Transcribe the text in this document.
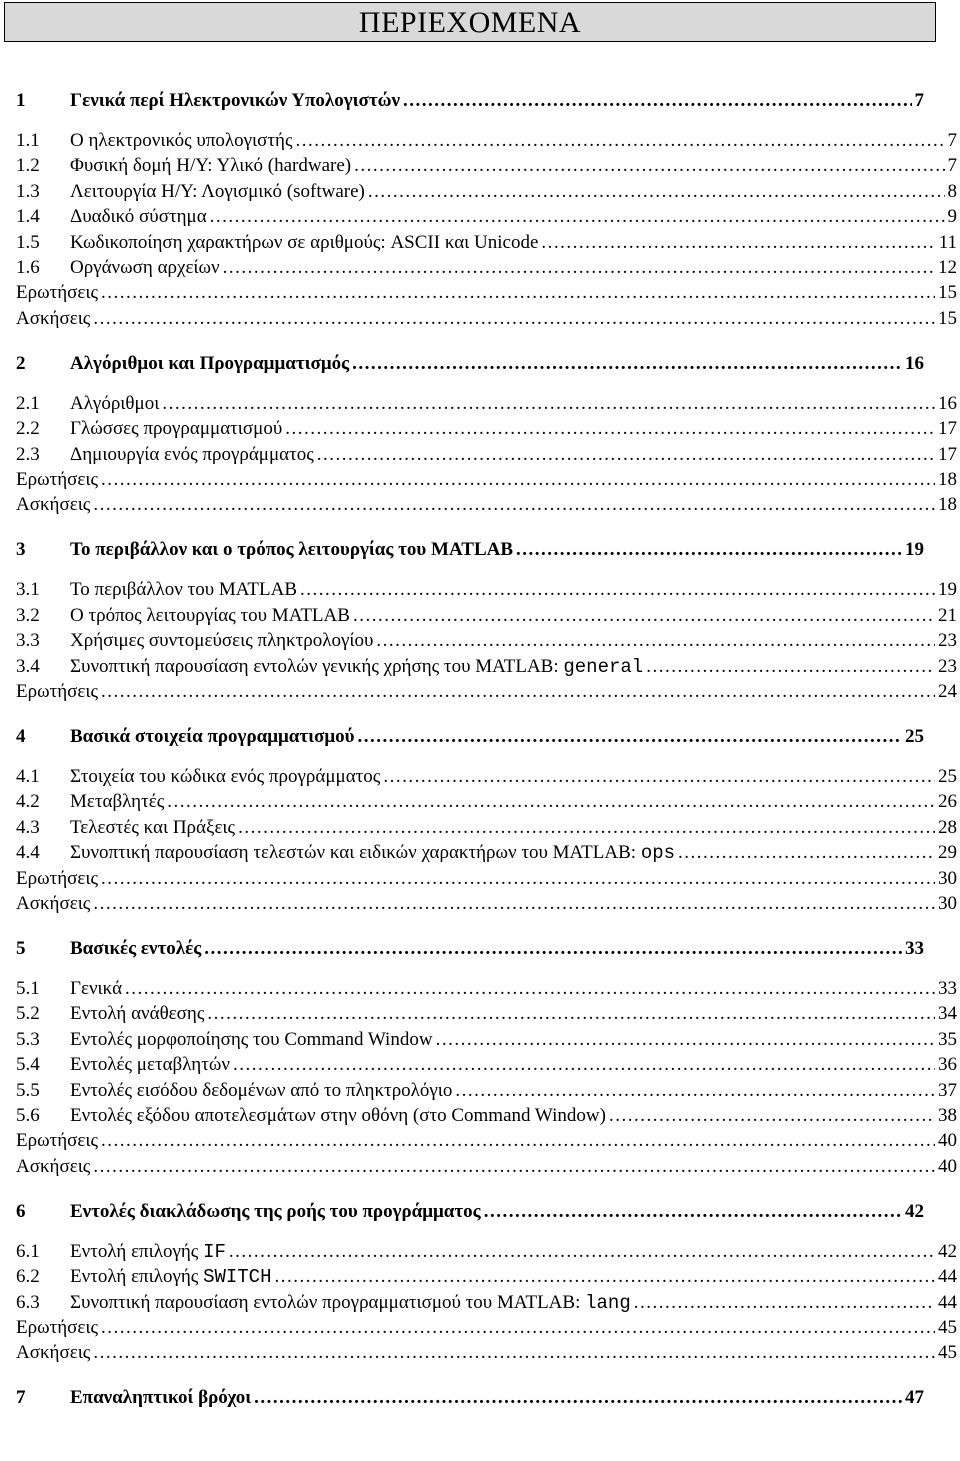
ΠΕΡΙΕΧΟΜΕΝΑ
1	Γενικά περί Ηλεκτρονικών Υπολογιστών .....	7
1.1	Ο ηλεκτρονικός υπολογιστής .....	7
1.2	Φυσική δομή Η/Υ: Υλικό (hardware) .....	7
1.3	Λειτουργία Η/Υ: Λογισμικό (software) .....	8
1.4	Δυαδικό σύστημα .....	9
1.5	Κωδικοποίηση χαρακτήρων σε αριθμούς: ASCII και Unicode .....	11
1.6	Οργάνωση αρχείων .....	12
Ερωτήσεις .....	15
Ασκήσεις .....	15
2	Αλγόριθμοι και Προγραμματισμός .....	16
2.1	Αλγόριθμοι .....	16
2.2	Γλώσσες προγραμματισμού .....	17
2.3	Δημιουργία ενός προγράμματος .....	17
Ερωτήσεις .....	18
Ασκήσεις .....	18
3	Το περιβάλλον και ο τρόπος λειτουργίας του MATLAB .....	19
3.1	Το περιβάλλον του MATLAB .....	19
3.2	Ο τρόπος λειτουργίας του MATLAB .....	21
3.3	Χρήσιμες συντομεύσεις πληκτρολογίου .....	23
3.4	Συνοπτική παρουσίαση εντολών γενικής χρήσης του MATLAB: general .....	23
Ερωτήσεις .....	24
4	Βασικά στοιχεία προγραμματισμού .....	25
4.1	Στοιχεία του κώδικα ενός προγράμματος .....	25
4.2	Μεταβλητές .....	26
4.3	Τελεστές και Πράξεις .....	28
4.4	Συνοπτική παρουσίαση τελεστών και ειδικών χαρακτήρων του MATLAB: ops .....	29
Ερωτήσεις .....	30
Ασκήσεις .....	30
5	Βασικές εντολές .....	33
5.1	Γενικά .....	33
5.2	Εντολή ανάθεσης .....	34
5.3	Εντολές μορφοποίησης του Command Window .....	35
5.4	Εντολές μεταβλητών .....	36
5.5	Εντολές εισόδου δεδομένων από το πληκτρολόγιο .....	37
5.6	Εντολές εξόδου αποτελεσμάτων στην οθόνη (στο Command Window) .....	38
Ερωτήσεις .....	40
Ασκήσεις .....	40
6	Εντολές διακλάδωσης της ροής του προγράμματος .....	42
6.1	Εντολή επιλογής IF .....	42
6.2	Εντολή επιλογής SWITCH .....	44
6.3	Συνοπτική παρουσίαση εντολών προγραμματισμού του MATLAB: lang .....	44
Ερωτήσεις .....	45
Ασκήσεις .....	45
7	Επαναληπτικοί βρόχοι .....	47
